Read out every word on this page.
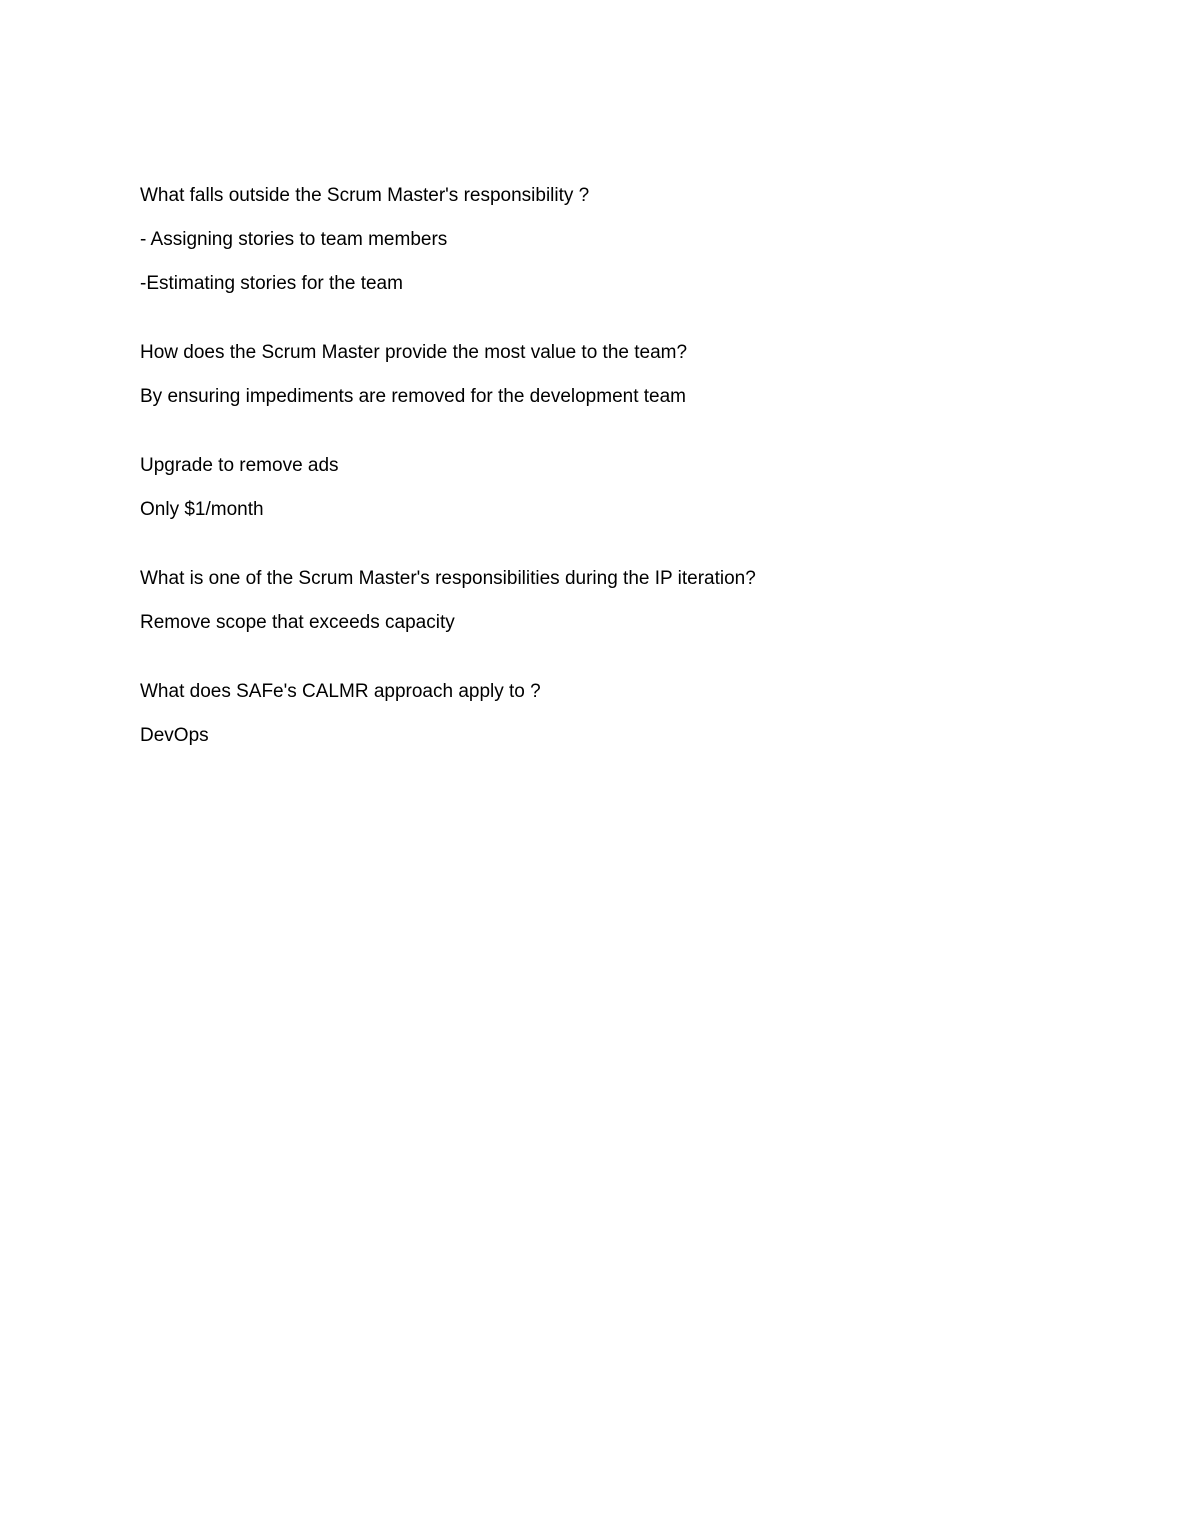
What falls outside the Scrum Master's responsibility ?
- Assigning stories to team members
-Estimating stories for the team
How does the Scrum Master provide the most value to the team?
By ensuring impediments are removed for the development team
Upgrade to remove ads
Only $1/month
What is one of the Scrum Master's responsibilities during the IP iteration?
Remove scope that exceeds capacity
What does SAFe's CALMR approach apply to ?
DevOps
